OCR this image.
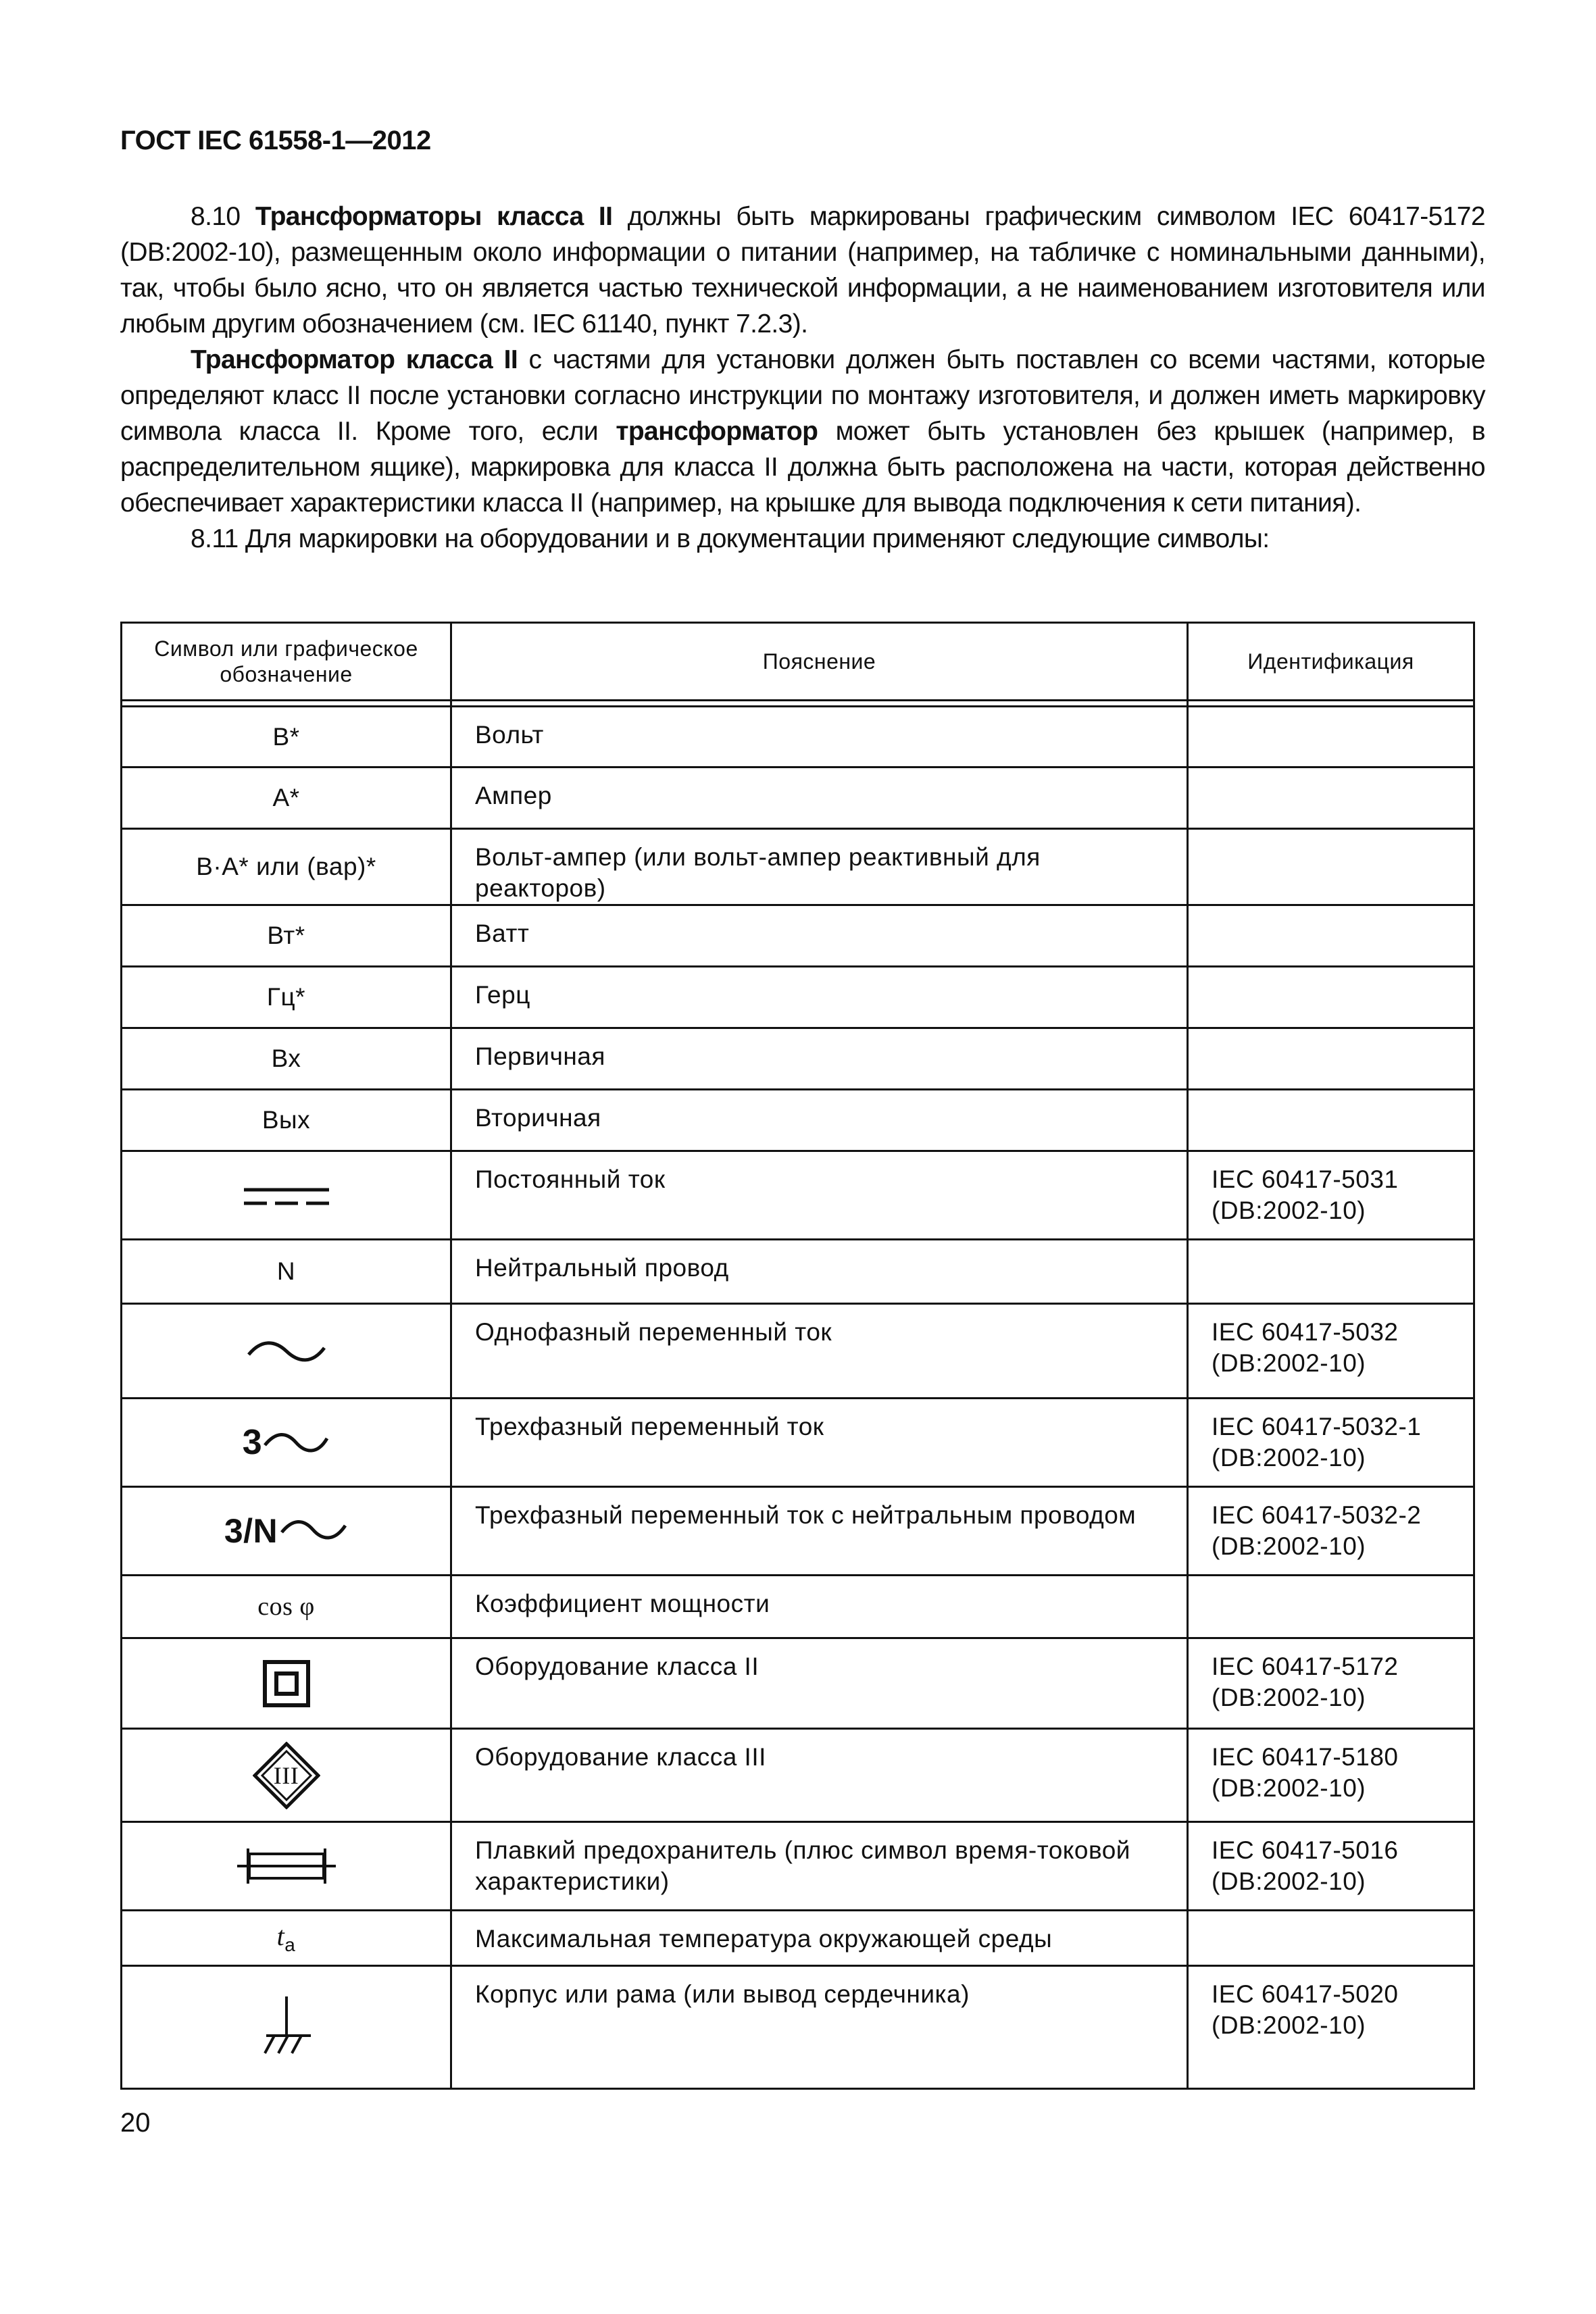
ГОСТ IEC 61558-1—2012

8.10 Трансформаторы класса II должны быть маркированы графическим символом IEC 60417-5172 (DB:2002-10), размещенным около информации о питании (например, на табличке с номинальными данными), так, чтобы было ясно, что он является частью технической информации, а не наименованием изготовителя или любым другим обозначением (см. IEC 61140, пункт 7.2.3).

Трансформатор класса II с частями для установки должен быть поставлен со всеми частями, которые определяют класс II после установки согласно инструкции по монтажу изготовителя, и должен иметь маркировку символа класса II. Кроме того, если трансформатор может быть установлен без крышек (например, в распределительном ящике), маркировка для класса II должна быть расположена на части, которая действенно обеспечивает характеристики класса II (например, на крышке для вывода подключения к сети питания).

8.11 Для маркировки на оборудовании и в документации применяют следующие символы:

Символ или графическое обозначение	Пояснение	Идентификация

В*	Вольт	
А*	Ампер	
В·А* или (вар)*	Вольт-ампер (или вольт-ампер реактивный для реакторов)	
Вт*	Ватт	
Гц*	Герц	
Вх	Первичная	
Вых	Вторичная	
	Постоянный ток	IEC 60417-5031
(DB:2002-10)

N	Нейтральный провод	
	Однофазный переменный ток	IEC 60417-5032
(DB:2002-10)

3	Трехфазный переменный ток	IEC 60417-5032-1
(DB:2002-10)

3/N	Трехфазный переменный ток с нейтральным проводом	IEC 60417-5032-2
(DB:2002-10)

cos φ	Коэффициент мощности	
	Оборудование класса II	IEC 60417-5172
(DB:2002-10)

III	Оборудование класса III	IEC 60417-5180
(DB:2002-10)

	Плавкий предохранитель (плюс символ время-токовой характеристики)	IEC 60417-5016
(DB:2002-10)

$t_a$	Максимальная температура окружающей среды	
	Корпус или рама (или вывод сердечника)	IEC 60417-5020
(DB:2002-10)
20
